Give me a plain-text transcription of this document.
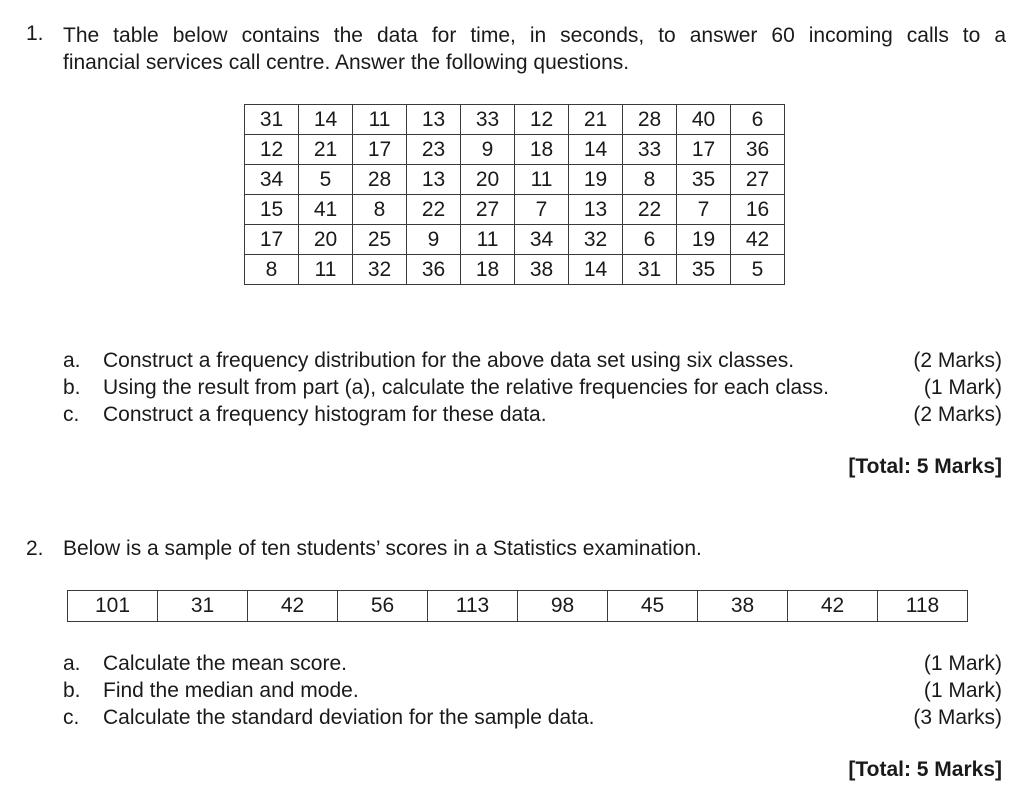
1. The table below contains the data for time, in seconds, to answer 60 incoming calls to a
financial services call centre. Answer the following questions.
31	14	11	13	33	12	21	28	40	6
12	21	17	23	9	18	14	33	17	36
34	5	28	13	20	11	19	8	35	27
15	41	8	22	27	7	13	22	7	16
17	20	25	9	11	34	32	6	19	42
8	11	32	36	18	38	14	31	35	5
a.	Construct a frequency distribution for the above data set using six classes.	(2 Marks)
b.	Using the result from part (a), calculate the relative frequencies for each class.	(1 Mark)
c.	Construct a frequency histogram for these data.	(2 Marks)
[Total: 5 Marks]
2. Below is a sample of ten students’ scores in a Statistics examination.
101	31	42	56	113	98	45	38	42	118
a.	Calculate the mean score.	(1 Mark)
b.	Find the median and mode.	(1 Mark)
c.	Calculate the standard deviation for the sample data.	(3 Marks)
[Total: 5 Marks]
